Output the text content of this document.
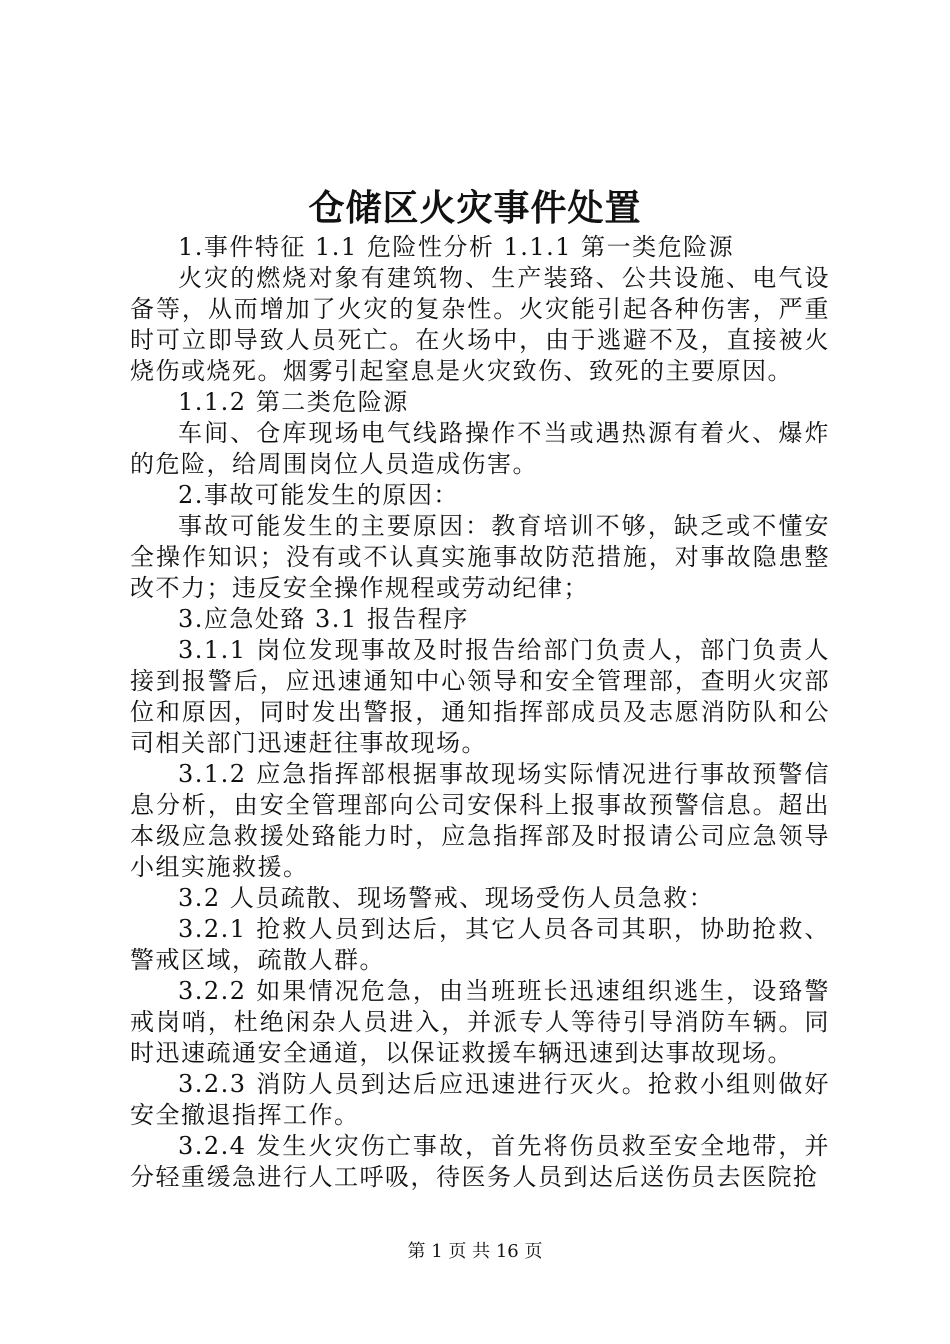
仓储区火灾事件处置

1.事件特征 1.1 危险性分析 1.1.1 第一类危险源

火灾的燃烧对象有建筑物、生产装臵、公共设施、电气设备等，从而增加了火灾的复杂性。火灾能引起各种伤害，严重时可立即导致人员死亡。在火场中，由于逃避不及，直接被火烧伤或烧死。烟雾引起窒息是火灾致伤、致死的主要原因。

1.1.2 第二类危险源

车间、仓库现场电气线路操作不当或遇热源有着火、爆炸的危险，给周围岗位人员造成伤害。

2.事故可能发生的原因：

事故可能发生的主要原因：教育培训不够，缺乏或不懂安全操作知识；没有或不认真实施事故防范措施，对事故隐患整改不力；违反安全操作规程或劳动纪律；

3.应急处臵 3.1 报告程序

3.1.1 岗位发现事故及时报告给部门负责人，部门负责人接到报警后，应迅速通知中心领导和安全管理部，查明火灾部位和原因，同时发出警报，通知指挥部成员及志愿消防队和公司相关部门迅速赶往事故现场。

3.1.2 应急指挥部根据事故现场实际情况进行事故预警信息分析，由安全管理部向公司安保科上报事故预警信息。超出本级应急救援处臵能力时，应急指挥部及时报请公司应急领导小组实施救援。

3.2 人员疏散、现场警戒、现场受伤人员急救：

3.2.1 抢救人员到达后，其它人员各司其职，协助抢救、警戒区域，疏散人群。

3.2.2 如果情况危急，由当班班长迅速组织逃生，设臵警戒岗哨，杜绝闲杂人员进入，并派专人等待引导消防车辆。同时迅速疏通安全通道，以保证救援车辆迅速到达事故现场。

3.2.3 消防人员到达后应迅速进行灭火。抢救小组则做好安全撤退指挥工作。

3.2.4 发生火灾伤亡事故，首先将伤员救至安全地带，并分轻重缓急进行人工呼吸，待医务人员到达后送伤员去医院抢

第 1 页 共 16 页
